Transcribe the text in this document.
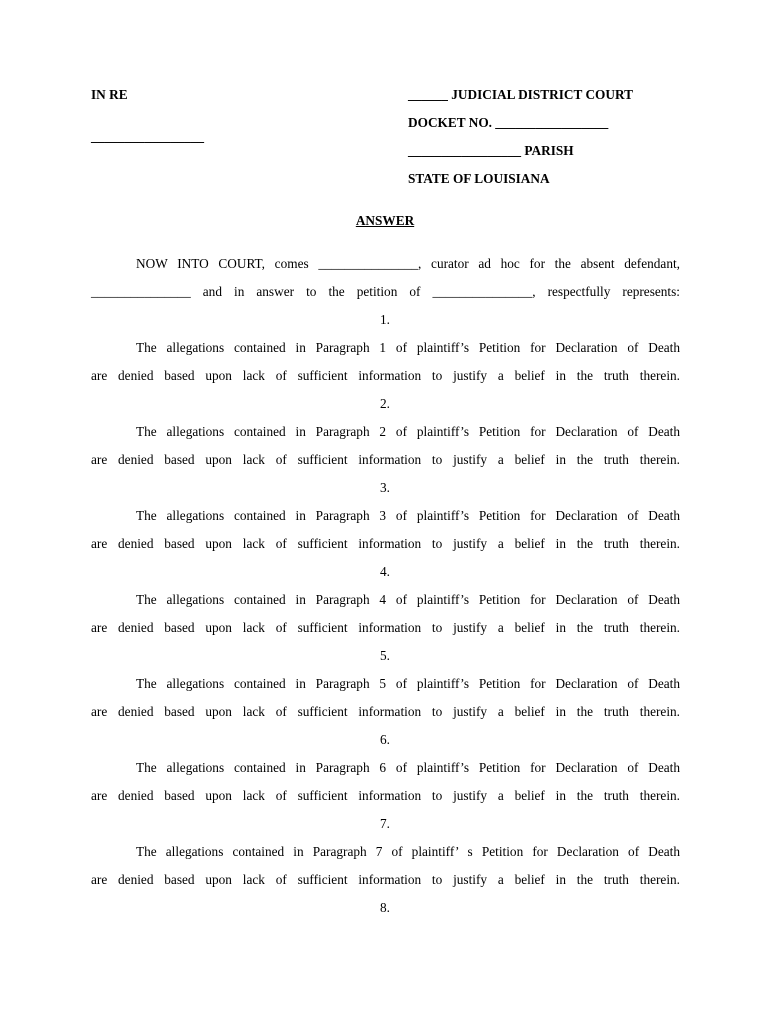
IN RE
_________________
______ JUDICIAL DISTRICT COURT
DOCKET NO. _________________
_________________ PARISH
STATE OF LOUISIANA
ANSWER
NOW INTO COURT, comes _______________, curator ad hoc for the absent defendant,
_______________ and in answer to the petition of _______________, respectfully represents:
1.
The allegations contained in Paragraph 1 of plaintiff’s Petition for Declaration of Death
are denied based upon lack of sufficient information to justify a belief in the truth therein.
2.
The allegations contained in Paragraph 2 of plaintiff’s Petition for Declaration of Death
are denied based upon lack of sufficient information to justify a belief in the truth therein.
3.
The allegations contained in Paragraph 3 of plaintiff’s Petition for Declaration of Death
are denied based upon lack of sufficient information to justify a belief in the truth therein.
4.
The allegations contained in Paragraph 4 of plaintiff’s Petition for Declaration of Death
are denied based upon lack of sufficient information to justify a belief in the truth therein.
5.
The allegations contained in Paragraph 5 of plaintiff’s Petition for Declaration of Death
are denied based upon lack of sufficient information to justify a belief in the truth therein.
6.
The allegations contained in Paragraph 6 of plaintiff’s Petition for Declaration of Death
are denied based upon lack of sufficient information to justify a belief in the truth therein.
7.
The allegations contained in Paragraph 7 of plaintiff’ s Petition for Declaration of Death
are denied based upon lack of sufficient information to justify a belief in the truth therein.
8.
